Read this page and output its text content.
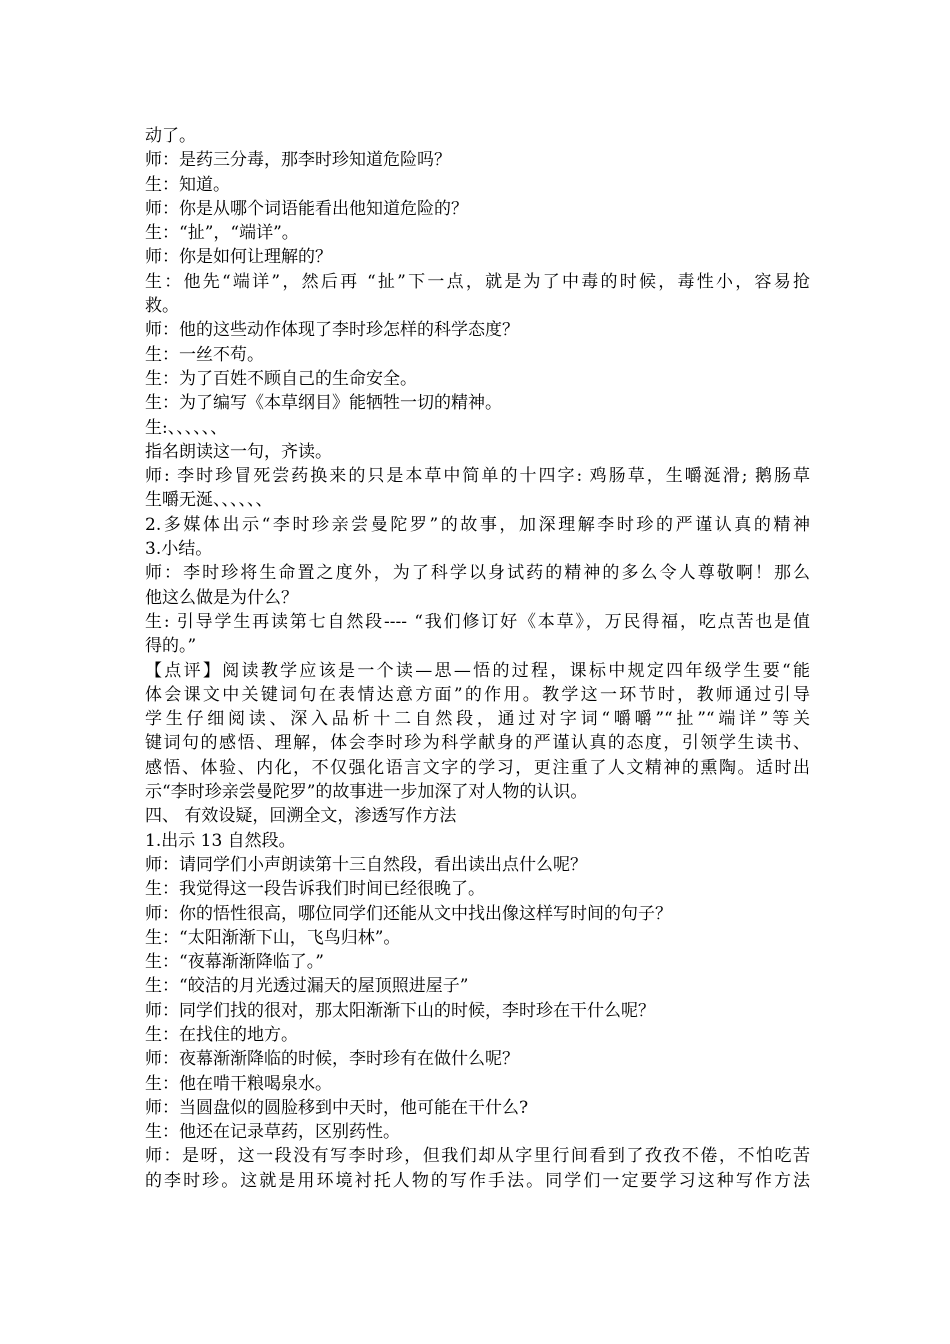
动了。
师：是药三分毒，那李时珍知道危险吗？
生：知道。
师：你是从哪个词语能看出他知道危险的？
生：“扯”，“端详”。
师：你是如何让理解的？
生：他先“端详”，然后再 “扯”下一点，就是为了中毒的时候，毒性小，容易抢
救。
师：他的这些动作体现了李时珍怎样的科学态度？
生：一丝不苟。
生：为了百姓不顾自己的生命安全。
生：为了编写《本草纲目》能牺牲一切的精神。
生:、、、、、、
指名朗读这一句，齐读。
师: 李时珍冒死尝药换来的只是本草中简单的十四字: 鸡肠草，生嚼涎滑; 鹅肠草
生嚼无涎、、、、、、
2.多媒体出示“李时珍亲尝曼陀罗”的故事，加深理解李时珍的严谨认真的精神
3.小结。
师：李时珍将生命置之度外，为了科学以身试药的精神的多么令人尊敬啊！那么
他这么做是为什么？
生: 引导学生再读第七自然段---- “我们修订好《本草》，万民得福，吃点苦也是值
得的。”
【点评】阅读教学应该是一个读—思—悟的过程，课标中规定四年级学生要“能
体会课文中关键词句在表情达意方面”的作用。教学这一环节时，教师通过引导
学生仔细阅读、深入品析十二自然段，通过对字词“嚼嚼”“扯”“端详”等关
键词句的感悟、理解，体会李时珍为科学献身的严谨认真的态度，引领学生读书、
感悟、体验、内化，不仅强化语言文字的学习，更注重了人文精神的熏陶。适时出
示“李时珍亲尝曼陀罗”的故事进一步加深了对人物的认识。
四、 有效设疑，回溯全文，渗透写作方法
1.出示 13 自然段。
师：请同学们小声朗读第十三自然段，看出读出点什么呢？
生：我觉得这一段告诉我们时间已经很晚了。
师：你的悟性很高，哪位同学们还能从文中找出像这样写时间的句子？
生：“太阳渐渐下山，飞鸟归林”。
生：“夜幕渐渐降临了。”
生：“皎洁的月光透过漏天的屋顶照进屋子”
师：同学们找的很对，那太阳渐渐下山的时候，李时珍在干什么呢？
生：在找住的地方。
师：夜幕渐渐降临的时候，李时珍有在做什么呢？
生：他在啃干粮喝泉水。
师：当圆盘似的圆脸移到中天时，他可能在干什么?
生：他还在记录草药，区别药性。
师：是呀，这一段没有写李时珍，但我们却从字里行间看到了孜孜不倦，不怕吃苦
的李时珍。这就是用环境衬托人物的写作手法。同学们一定要学习这种写作方法
